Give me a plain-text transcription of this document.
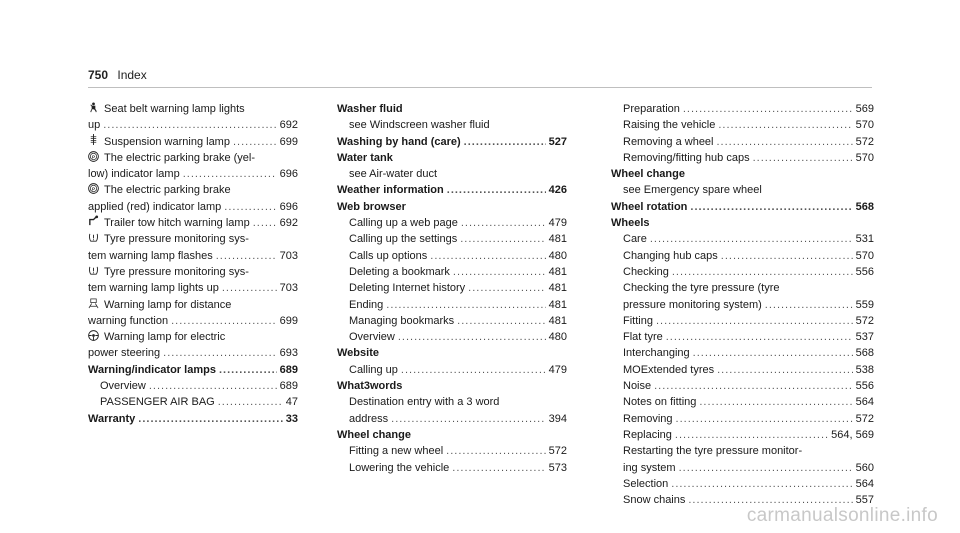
750 Index
Seat belt warning lamp lights
up .....	692
Suspension warning lamp .....	699
P The electric parking brake (yel-
low) indicator lamp .....	696
P The electric parking brake
applied (red) indicator lamp .....	696
Trailer tow hitch warning lamp .....	692
Tyre pressure monitoring sys-
tem warning lamp flashes .....	703
Tyre pressure monitoring sys-
tem warning lamp lights up .....	703
Warning lamp for distance
warning function .....	699
Warning lamp for electric
power steering .....	693
Warning/indicator lamps .....	689
Overview .....	689
PASSENGER AIR BAG .....	47
Warranty .....	33
Washer fluid
see Windscreen washer fluid
Washing by hand (care) .....	527
Water tank
see Air-water duct
Weather information .....	426
Web browser
Calling up a web page .....	479
Calling up the settings .....	481
Calls up options .....	480
Deleting a bookmark .....	481
Deleting Internet history .....	481
Ending .....	481
Managing bookmarks .....	481
Overview .....	480
Website
Calling up .....	479
What3words
Destination entry with a 3 word
address .....	394
Wheel change
Fitting a new wheel .....	572
Lowering the vehicle .....	573
Preparation .....	569
Raising the vehicle .....	570
Removing a wheel .....	572
Removing/fitting hub caps .....	570
Wheel change
see Emergency spare wheel
Wheel rotation .....	568
Wheels
Care .....	531
Changing hub caps .....	570
Checking .....	556
Checking the tyre pressure (tyre
pressure monitoring system) .....	559
Fitting .....	572
Flat tyre .....	537
Interchanging .....	568
MOExtended tyres .....	538
Noise .....	556
Notes on fitting .....	564
Removing .....	572
Replacing .....	564, 569
Restarting the tyre pressure monitor-
ing system .....	560
Selection .....	564
Snow chains .....	557
carmanualsonline.info
